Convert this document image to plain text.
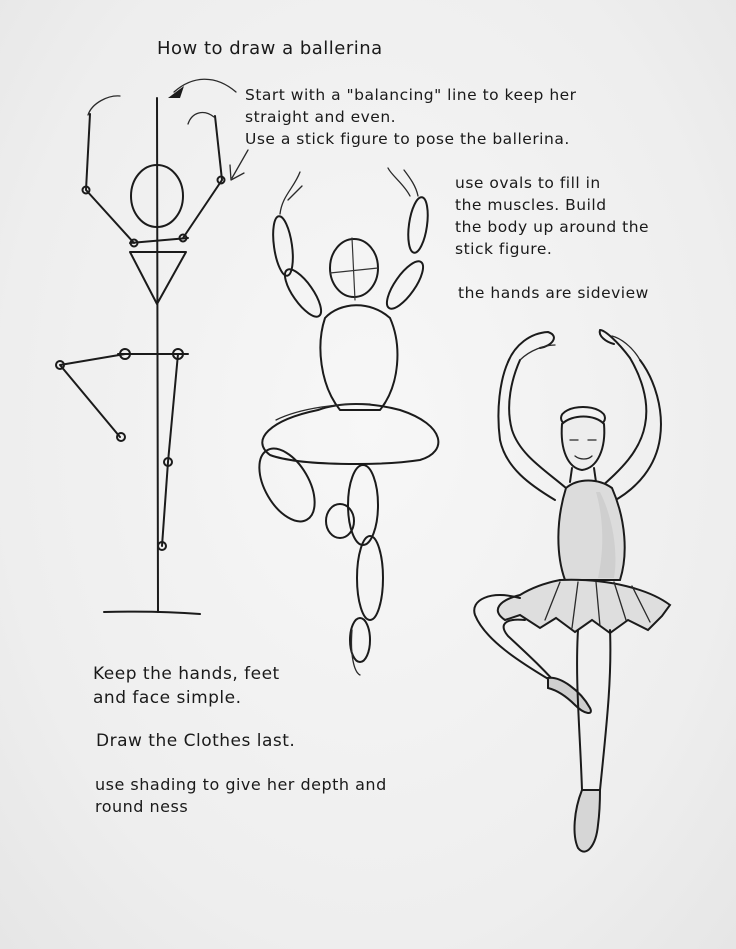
How to draw a ballerina
Start with a "balancing" line to keep her
straight and even.
Use a stick figure to pose the ballerina.
use ovals to fill in
the muscles. Build
the body up around the
stick figure.
the hands are sideview
Keep the hands, feet
and face simple.
Draw the Clothes last.
use shading to give her depth and
round ness
